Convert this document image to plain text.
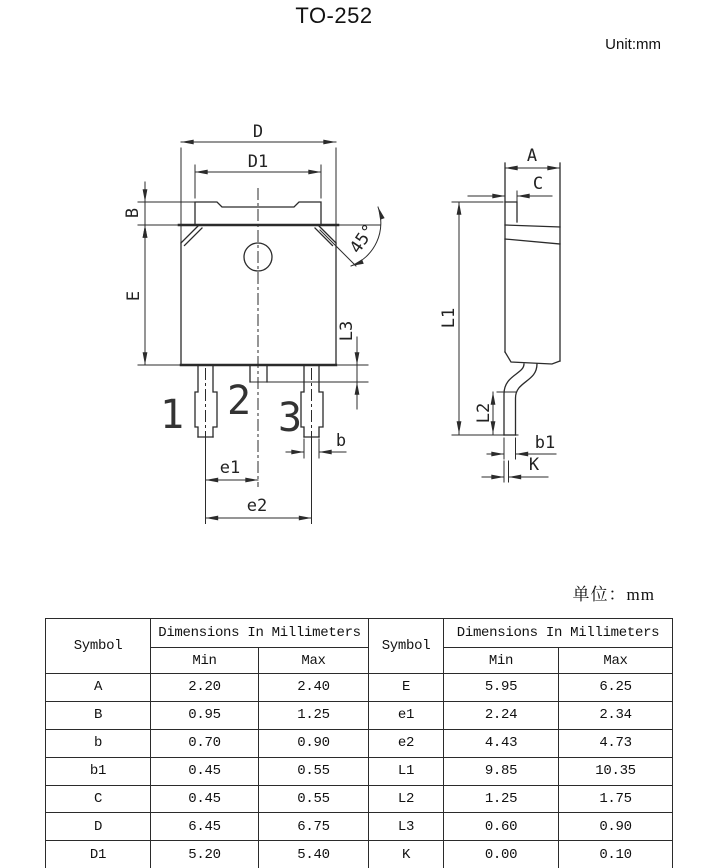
TO-252
Unit:mm
1 2 3
D
D1
B
E
45°
L3
b
e1
e2
A
C
L1
L2
b1
K
单位：mm
Symbol	Dimensions In Millimeters		Symbol	Dimensions In Millimeters	
	Min	Max		Min	Max
A	2.20	2.40	E	5.95	6.25
B	0.95	1.25	e1	2.24	2.34
b	0.70	0.90	e2	4.43	4.73
b1	0.45	0.55	L1	9.85	10.35
C	0.45	0.55	L2	1.25	1.75
D	6.45	6.75	L3	0.60	0.90
D1	5.20	5.40	K	0.00	0.10
